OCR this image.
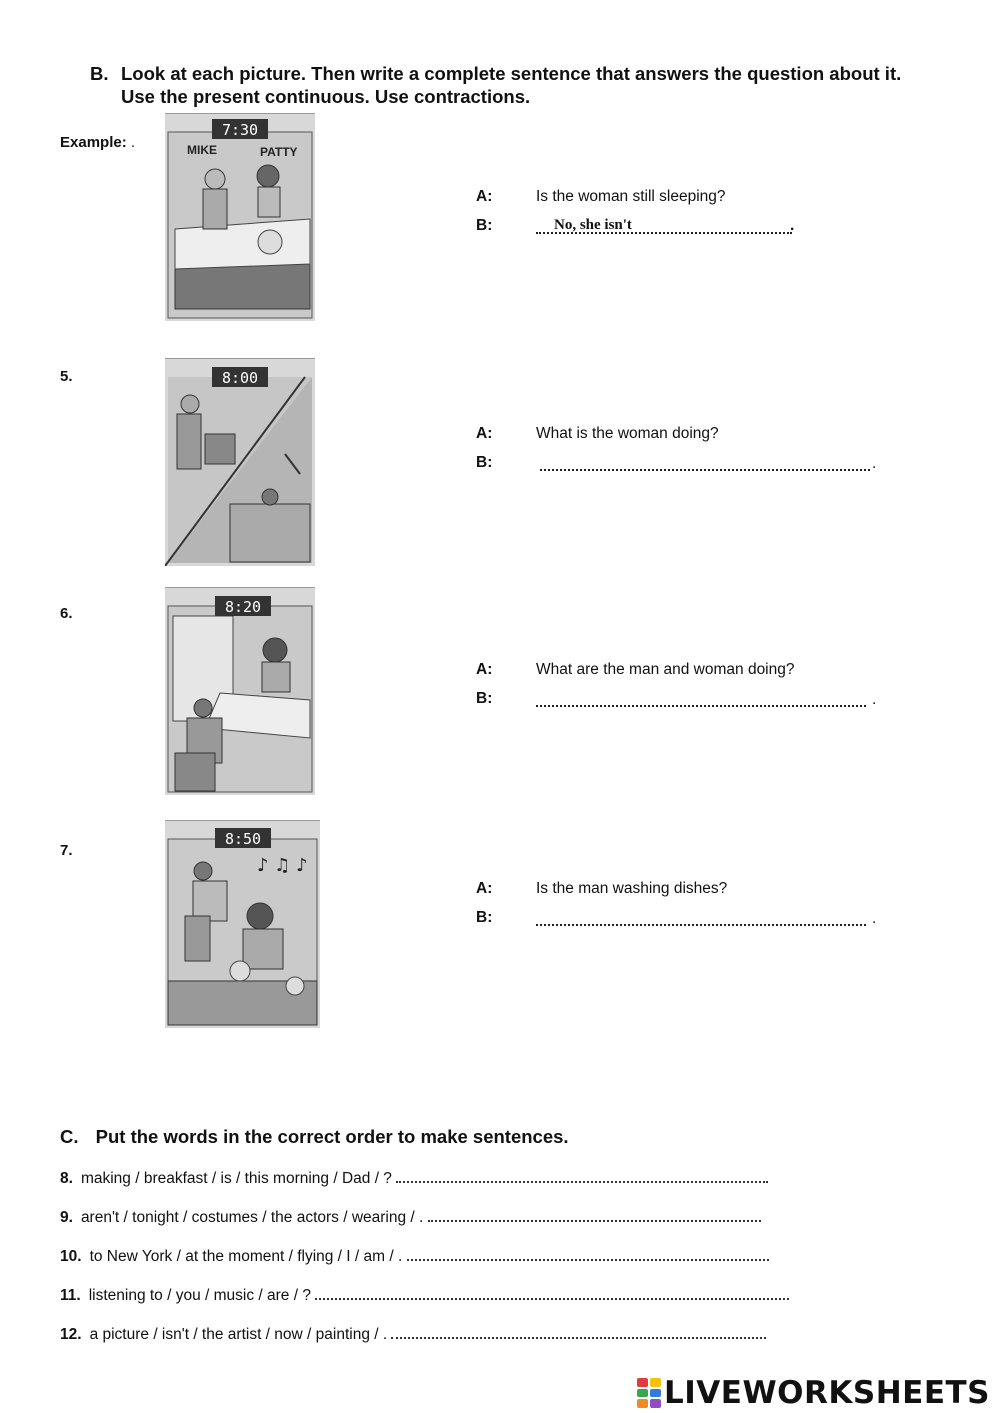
B. Look at each picture. Then write a complete sentence that answers the question about it. Use the present continuous. Use contractions.
Example: .
7:30
MIKE	PATTY
A:	Is the woman still sleeping?
B:	No, she isn't	.
5.	8:00
A:	What is the woman doing?
B:	.
6.	8:20
A:	What are the man and woman doing?
B:	.
7.
8:50
♪ ♫ ♪
A:	Is the man washing dishes?
B:	.
C. Put the words in the correct order to make sentences.
8. making / breakfast / is / this morning / Dad / ?
9. aren't / tonight / costumes / the actors / wearing / .
10. to New York / at the moment / flying / I / am / .
11. listening to / you / music / are / ?
12. a picture / isn't / the artist / now / painting / .
LIVEWORKSHEETS
